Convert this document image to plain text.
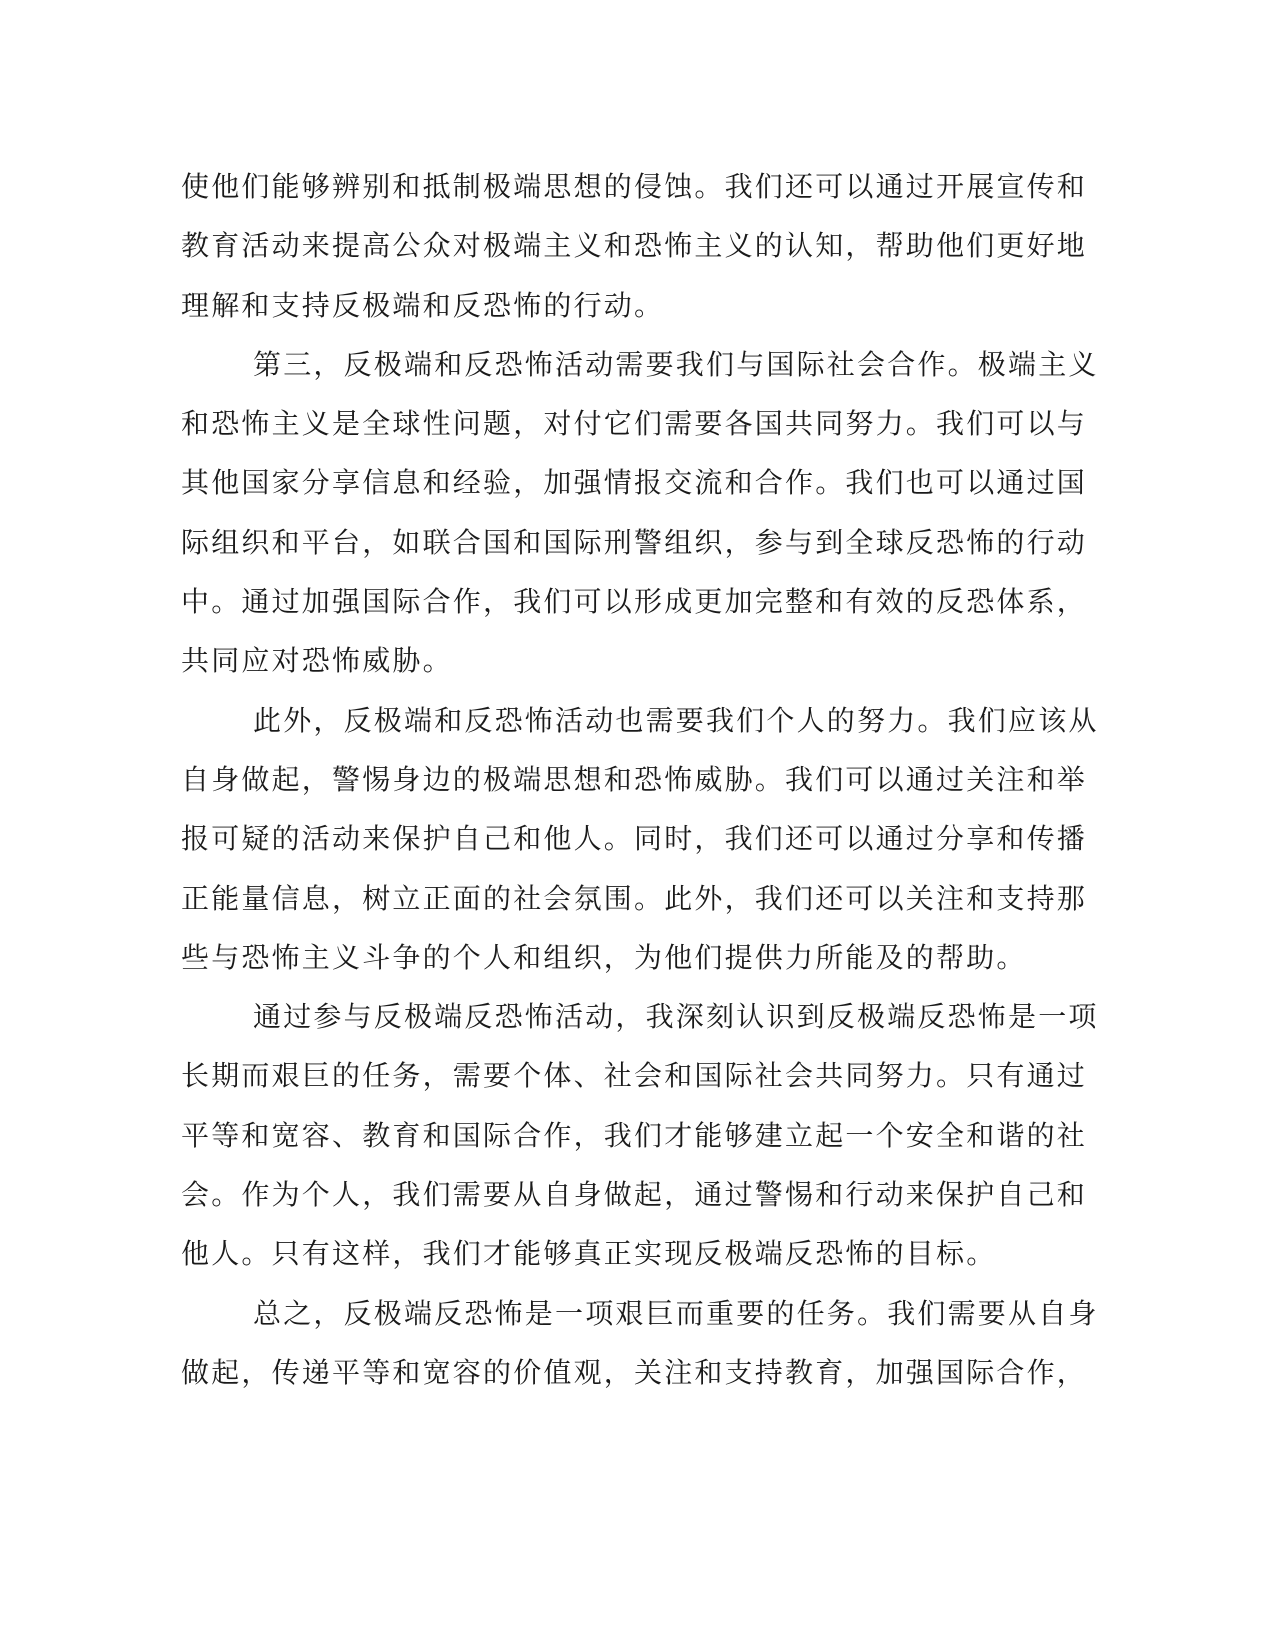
使他们能够辨别和抵制极端思想的侵蚀。我们还可以通过开展宣传和
教育活动来提高公众对极端主义和恐怖主义的认知，帮助他们更好地
理解和支持反极端和反恐怖的行动。

第三，反极端和反恐怖活动需要我们与国际社会合作。极端主义
和恐怖主义是全球性问题，对付它们需要各国共同努力。我们可以与
其他国家分享信息和经验，加强情报交流和合作。我们也可以通过国
际组织和平台，如联合国和国际刑警组织，参与到全球反恐怖的行动
中。通过加强国际合作，我们可以形成更加完整和有效的反恐体系，
共同应对恐怖威胁。

此外，反极端和反恐怖活动也需要我们个人的努力。我们应该从
自身做起，警惕身边的极端思想和恐怖威胁。我们可以通过关注和举
报可疑的活动来保护自己和他人。同时，我们还可以通过分享和传播
正能量信息，树立正面的社会氛围。此外，我们还可以关注和支持那
些与恐怖主义斗争的个人和组织，为他们提供力所能及的帮助。

通过参与反极端反恐怖活动，我深刻认识到反极端反恐怖是一项
长期而艰巨的任务，需要个体、社会和国际社会共同努力。只有通过
平等和宽容、教育和国际合作，我们才能够建立起一个安全和谐的社
会。作为个人，我们需要从自身做起，通过警惕和行动来保护自己和
他人。只有这样，我们才能够真正实现反极端反恐怖的目标。

总之，反极端反恐怖是一项艰巨而重要的任务。我们需要从自身
做起，传递平等和宽容的价值观，关注和支持教育，加强国际合作，
